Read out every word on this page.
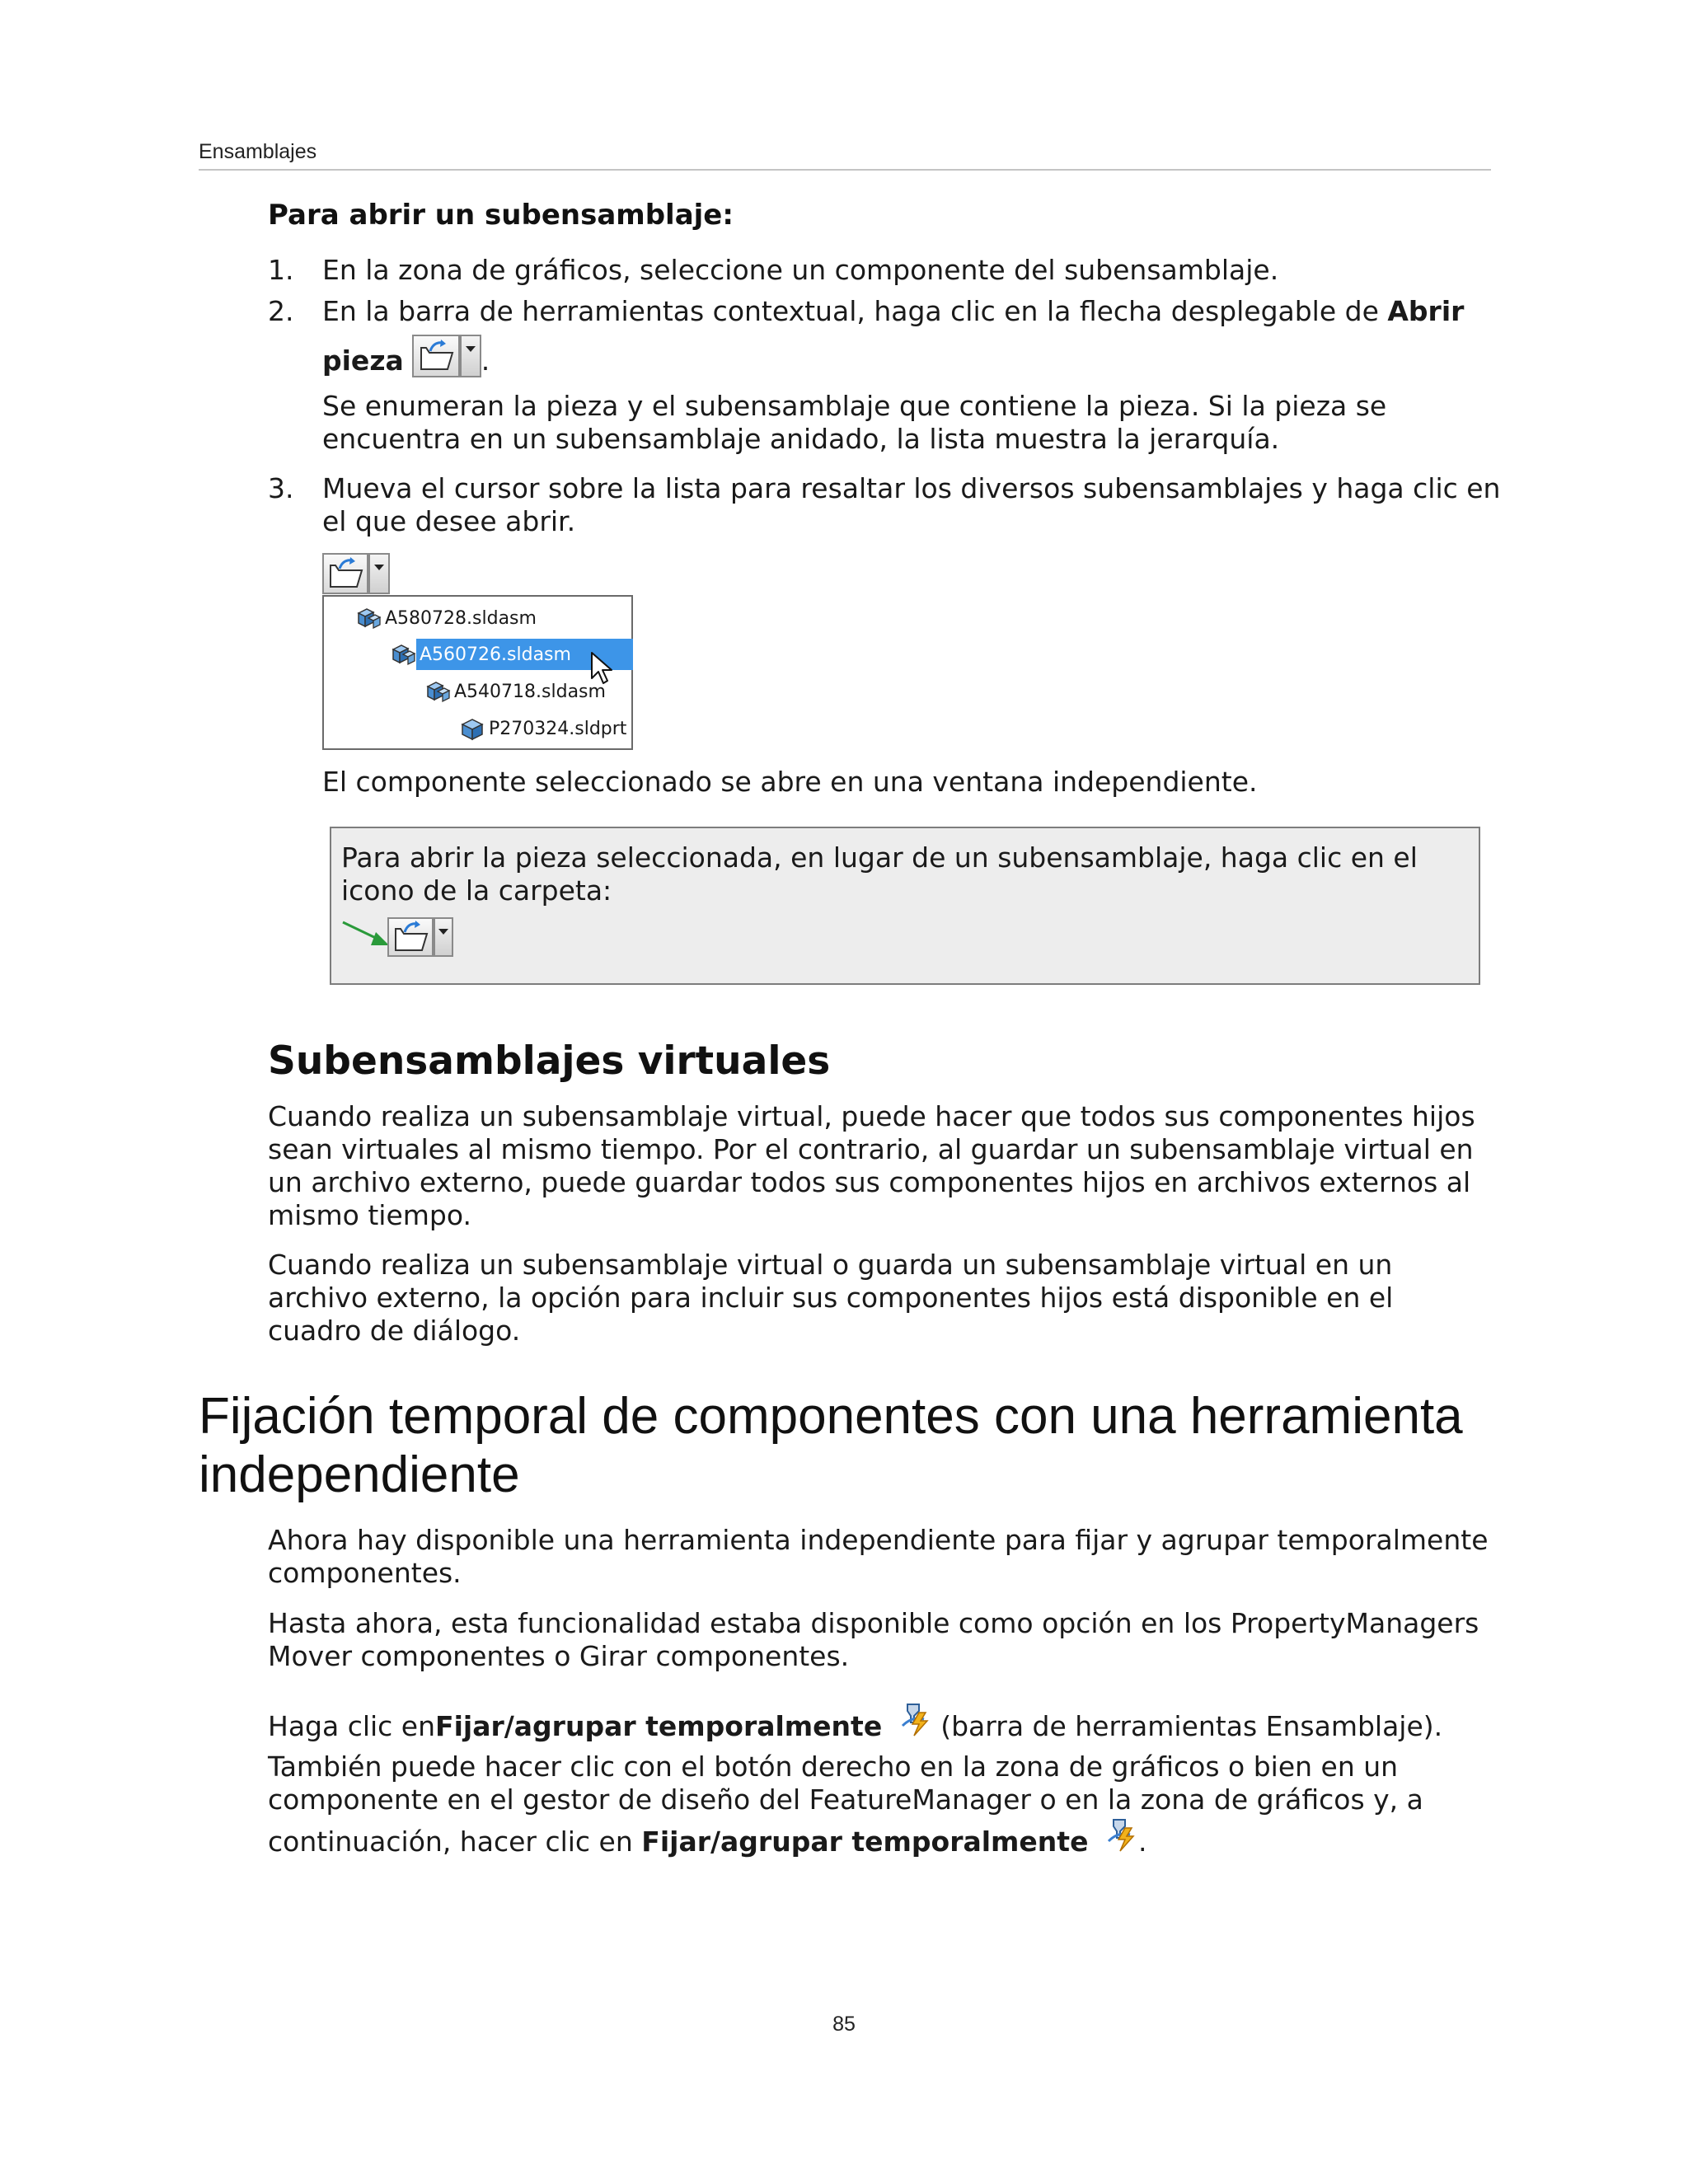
Ensamblajes
Para abrir un subensamblaje:
1. En la zona de gráficos, seleccione un componente del subensamblaje.
2. En la barra de herramientas contextual, haga clic en la flecha desplegable de Abrir
pieza	.
Se enumeran la pieza y el subensamblaje que contiene la pieza. Si la pieza se encuentra en un subensamblaje anidado, la lista muestra la jerarquía.
3. Mueva el cursor sobre la lista para resaltar los diversos subensamblajes y haga clic en el que desee abrir.
A580728.sldasm
A560726.sldasm
A540718.sldasm
P270324.sldprt
El componente seleccionado se abre en una ventana independiente.
Para abrir la pieza seleccionada, en lugar de un subensamblaje, haga clic en el icono de la carpeta:
Subensamblajes virtuales
Cuando realiza un subensamblaje virtual, puede hacer que todos sus componentes hijos sean virtuales al mismo tiempo. Por el contrario, al guardar un subensamblaje virtual en un archivo externo, puede guardar todos sus componentes hijos en archivos externos al mismo tiempo.
Cuando realiza un subensamblaje virtual o guarda un subensamblaje virtual en un archivo externo, la opción para incluir sus componentes hijos está disponible en el cuadro de diálogo.
Fijación temporal de componentes con una herramienta independiente
Ahora hay disponible una herramienta independiente para fijar y agrupar temporalmente componentes.
Hasta ahora, esta funcionalidad estaba disponible como opción en los PropertyManagers Mover componentes o Girar componentes.
Haga clic enFijar/agrupar temporalmente  (barra de herramientas Ensamblaje).
También puede hacer clic con el botón derecho en la zona de gráficos o bien en un componente en el gestor de diseño del FeatureManager o en la zona de gráficos y, a continuación, hacer clic en Fijar/agrupar temporalmente .
85
